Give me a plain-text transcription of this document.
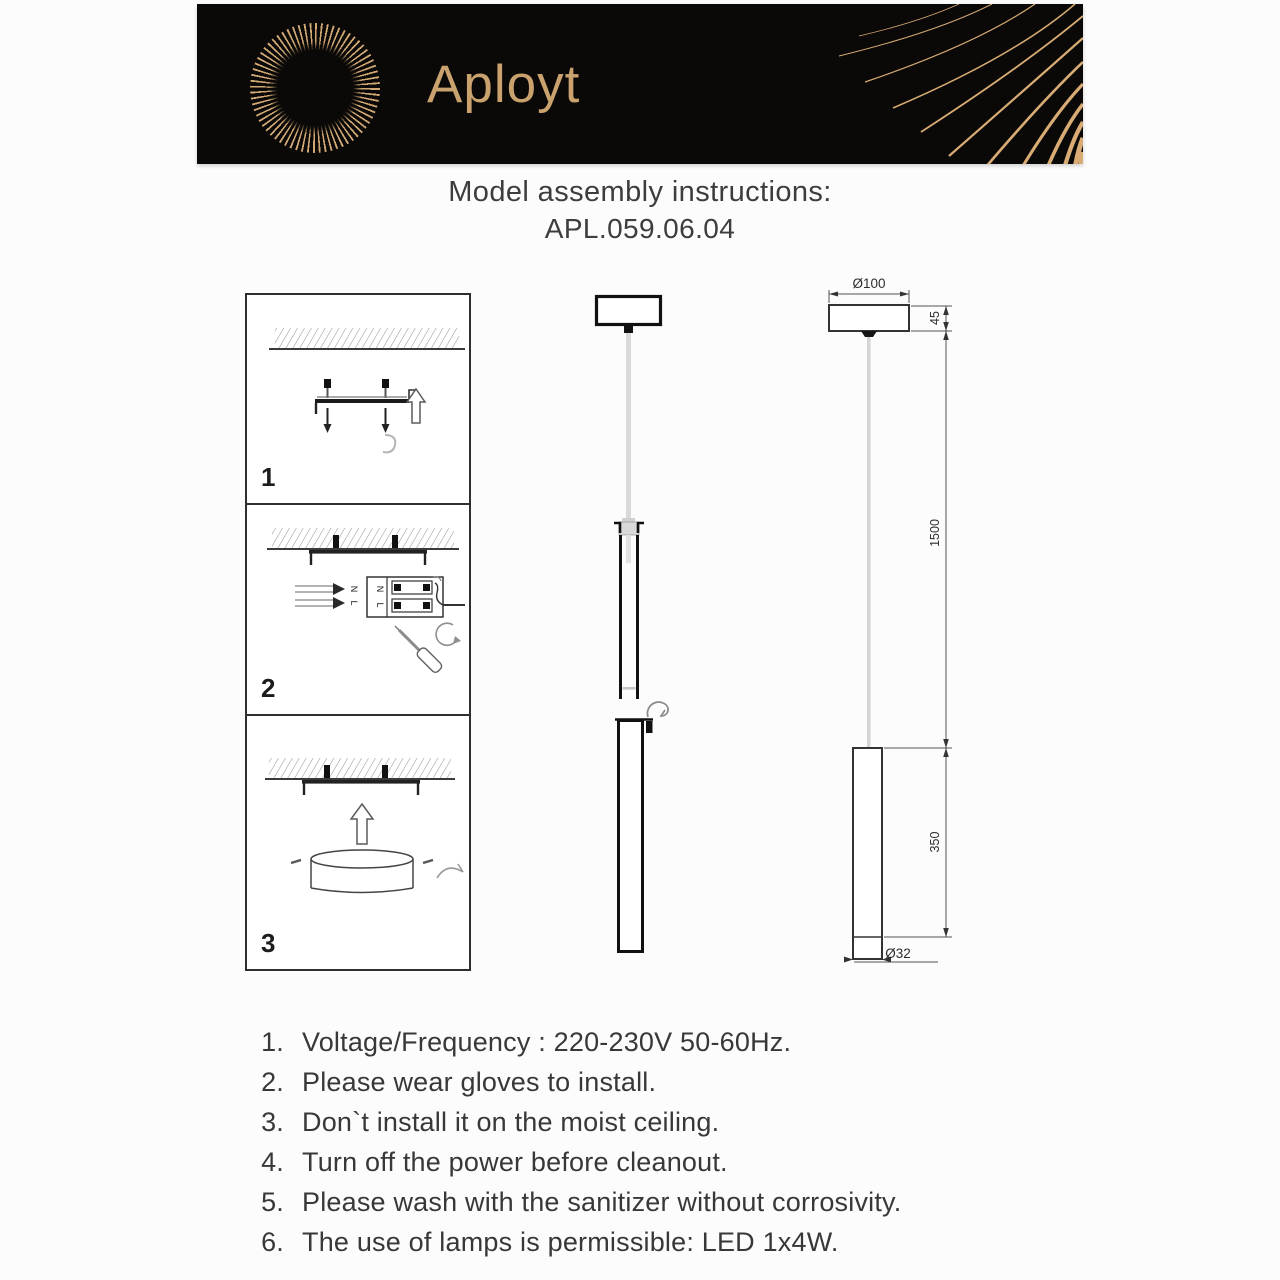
Aployt
Model assembly instructions:
APL.059.06.04
1
N
L
N
L
2
3
Ø100
45
1500
350
Ø32
1. Voltage/Frequency : 220-230V 50-60Hz.
2. Please wear gloves to install.
3. Don`t install it on the moist ceiling.
4. Turn off the power before cleanout.
5. Please wash with the sanitizer without corrosivity.
6. The use of lamps is permissible: LED 1x4W.
